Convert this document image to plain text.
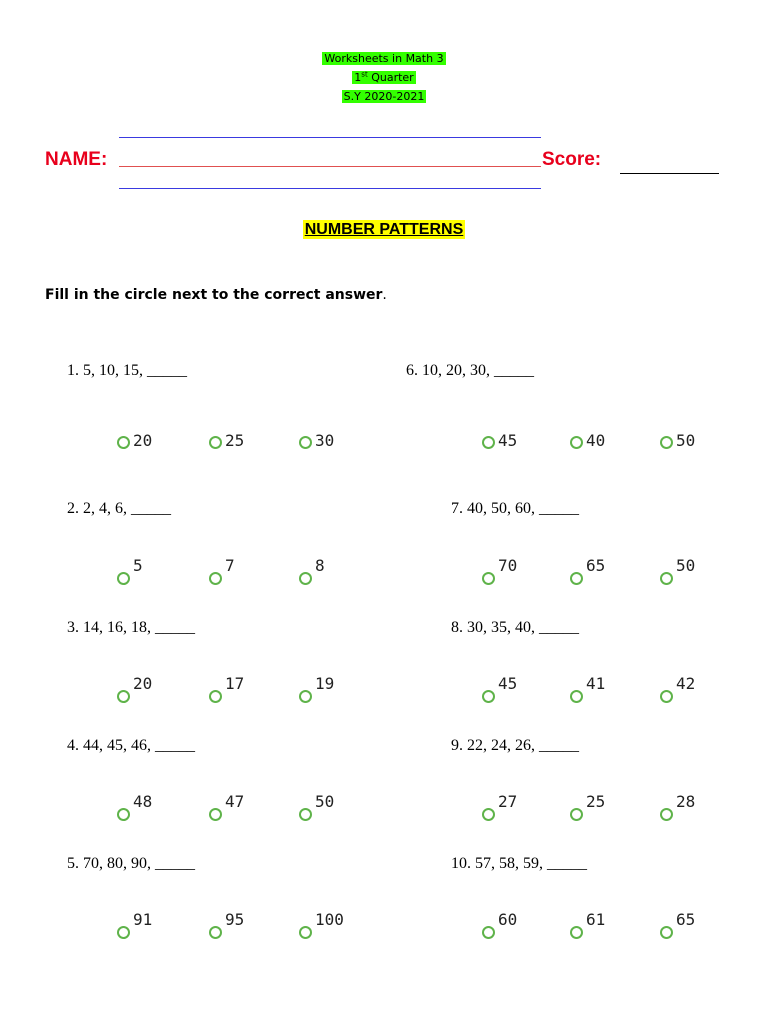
Worksheets in Math 3
1st Quarter
S.Y 2020-2021
NAME:	Score:
NUMBER PATTERNS
Fill in the circle next to the correct answer.
1. 5, 10, 15, _____
20	25	30
2. 2, 4, 6, _____
5	7	8
3. 14, 16, 18, _____
20	17	19
4. 44, 45, 46, _____
48	47	50
5. 70, 80, 90, _____
91	95	100
6. 10, 20, 30, _____
45	40	50
7. 40, 50, 60, _____
70	65	50
8. 30, 35, 40, _____
45	41	42
9. 22, 24, 26, _____
27	25	28
10. 57, 58, 59, _____
60	61	65
